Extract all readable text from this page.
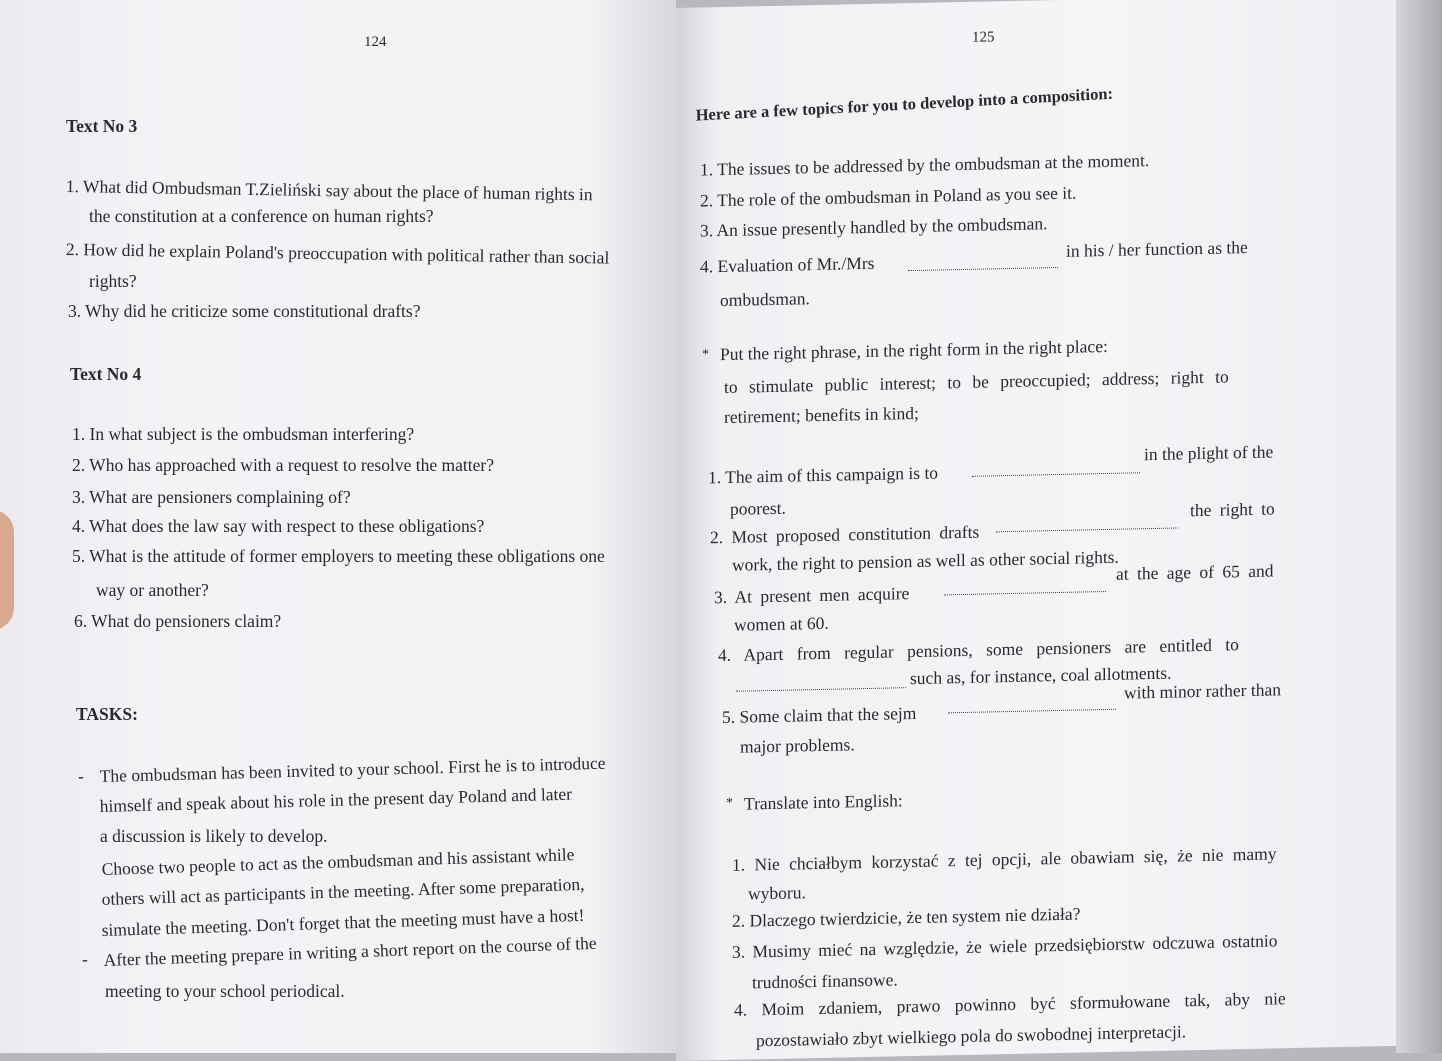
124
Text No 3
1. What did Ombudsman T.Zieliński say about the place of human rights in
the constitution at a conference on human rights?
2. How did he explain Poland's preoccupation with political rather than social
rights?
3. Why did he criticize some constitutional drafts?
Text No 4
1. In what subject is the ombudsman interfering?
2. Who has approached with a request to resolve the matter?
3. What are pensioners complaining of?
4. What does the law say with respect to these obligations?
5. What is the attitude of former employers to meeting these obligations one
way or another?
6. What do pensioners claim?
TASKS:
- The ombudsman has been invited to your school. First he is to introduce
himself and speak about his role in the present day Poland and later
a discussion is likely to develop.
Choose two people to act as the ombudsman and his assistant while
others will act as participants in the meeting. After some preparation,
simulate the meeting. Don't forget that the meeting must have a host!
- After the meeting prepare in writing a short report on the course of the
meeting to your school periodical.
125
Here are a few topics for you to develop into a composition:
1. The issues to be addressed by the ombudsman at the moment.
2. The role of the ombudsman in Poland as you see it.
3. An issue presently handled by the ombudsman.
4. Evaluation of Mr./Mrs
in his / her function as the
ombudsman.
* Put the right phrase, in the right form in the right place:
to stimulate public interest; to be preoccupied; address; right to
retirement; benefits in kind;
1. The aim of this campaign is to
in the plight of the
poorest.
2. Most proposed constitution drafts
the right to
work, the right to pension as well as other social rights.
3. At present men acquire
at the age of 65 and
women at 60.
4. Apart from regular pensions, some pensioners are entitled to
such as, for instance, coal allotments.
5. Some claim that the sejm
with minor rather than
major problems.
* Translate into English:
1. Nie chciałbym korzystać z tej opcji, ale obawiam się, że nie mamy
wyboru.
2. Dlaczego twierdzicie, że ten system nie działa?
3. Musimy mieć na względzie, że wiele przedsiębiorstw odczuwa ostatnio
trudności finansowe.
4. Moim zdaniem, prawo powinno być sformułowane tak, aby nie
pozostawiało zbyt wielkiego pola do swobodnej interpretacji.
